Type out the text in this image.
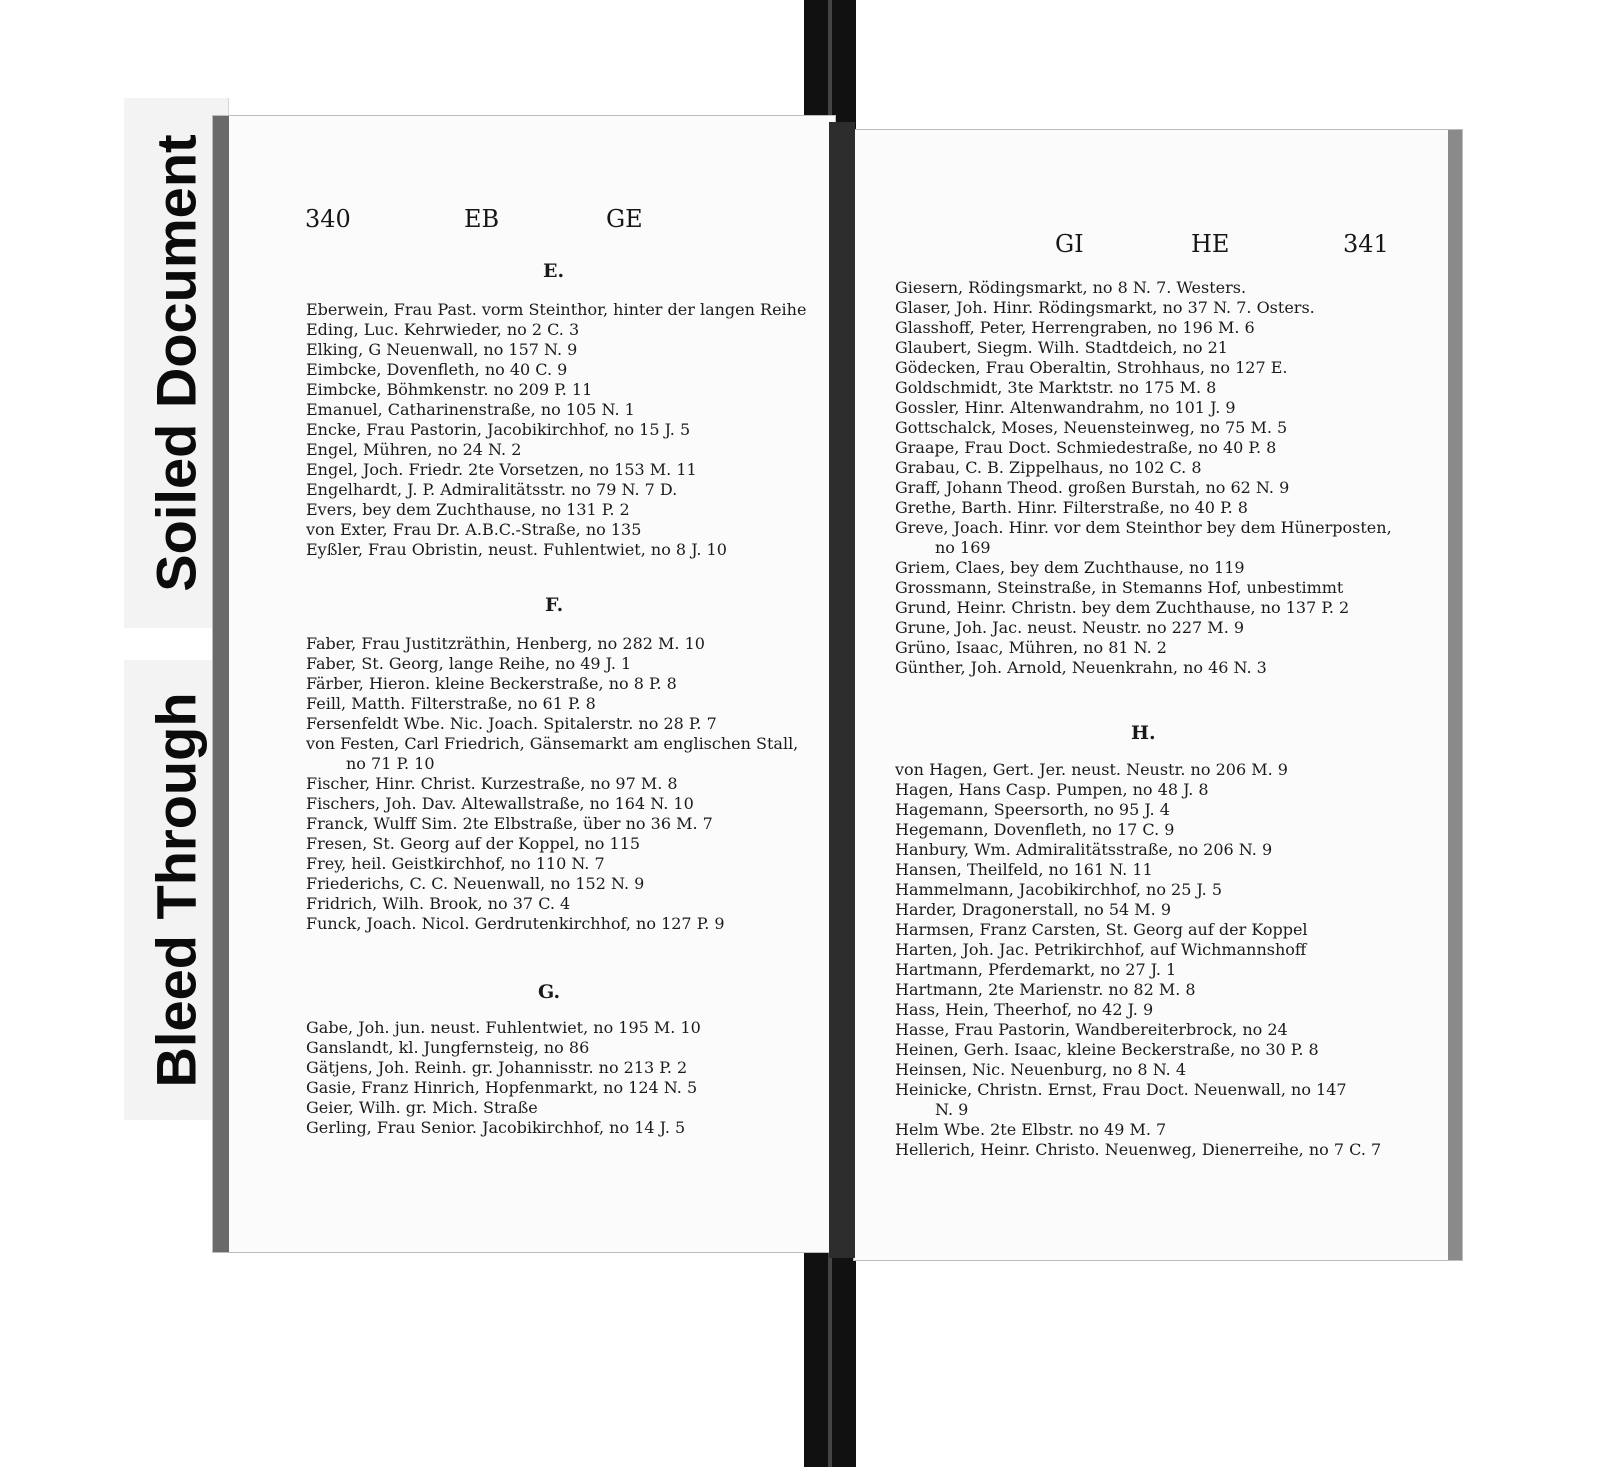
Soiled Document
Bleed Through
340	EB	GE
E.
Eberwein, Frau Past. vorm Steinthor, hinter der langen Reihe
Eding, Luc. Kehrwieder, no 2 C. 3
Elking, G Neuenwall, no 157 N. 9
Eimbcke, Dovenfleth, no 40 C. 9
Eimbcke, Böhmkenstr. no 209 P. 11
Emanuel, Catharinenstraße, no 105 N. 1
Encke, Frau Pastorin, Jacobikirchhof, no 15 J. 5
Engel, Mühren, no 24 N. 2
Engel, Joch. Friedr. 2te Vorsetzen, no 153 M. 11
Engelhardt, J. P. Admiralitätsstr. no 79 N. 7 D.
Evers, bey dem Zuchthause, no 131 P. 2
von Exter, Frau Dr. A.B.C.-Straße, no 135
Eyßler, Frau Obristin, neust. Fuhlentwiet, no 8 J. 10
F.
Faber, Frau Justitzräthin, Henberg, no 282 M. 10
Faber, St. Georg, lange Reihe, no 49 J. 1
Färber, Hieron. kleine Beckerstraße, no 8 P. 8
Feill, Matth. Filterstraße, no 61 P. 8
Fersenfeldt Wbe. Nic. Joach. Spitalerstr. no 28 P. 7
von Festen, Carl Friedrich, Gänsemarkt am englischen Stall,
no 71 P. 10
Fischer, Hinr. Christ. Kurzestraße, no 97 M. 8
Fischers, Joh. Dav. Altewallstraße, no 164 N. 10
Franck, Wulff Sim. 2te Elbstraße, über no 36 M. 7
Fresen, St. Georg auf der Koppel, no 115
Frey, heil. Geistkirchhof, no 110 N. 7
Friederichs, C. C. Neuenwall, no 152 N. 9
Fridrich, Wilh. Brook, no 37 C. 4
Funck, Joach. Nicol. Gerdrutenkirchhof, no 127 P. 9
G.
Gabe, Joh. jun. neust. Fuhlentwiet, no 195 M. 10
Ganslandt, kl. Jungfernsteig, no 86
Gätjens, Joh. Reinh. gr. Johannisstr. no 213 P. 2
Gasie, Franz Hinrich, Hopfenmarkt, no 124 N. 5
Geier, Wilh. gr. Mich. Straße
Gerling, Frau Senior. Jacobikirchhof, no 14 J. 5
GI	HE	341
Giesern, Rödingsmarkt, no 8 N. 7. Westers.
Glaser, Joh. Hinr. Rödingsmarkt, no 37 N. 7. Osters.
Glasshoff, Peter, Herrengraben, no 196 M. 6
Glaubert, Siegm. Wilh. Stadtdeich, no 21
Gödecken, Frau Oberaltin, Strohhaus, no 127 E.
Goldschmidt, 3te Marktstr. no 175 M. 8
Gossler, Hinr. Altenwandrahm, no 101 J. 9
Gottschalck, Moses, Neuensteinweg, no 75 M. 5
Graape, Frau Doct. Schmiedestraße, no 40 P. 8
Grabau, C. B. Zippelhaus, no 102 C. 8
Graff, Johann Theod. großen Burstah, no 62 N. 9
Grethe, Barth. Hinr. Filterstraße, no 40 P. 8
Greve, Joach. Hinr. vor dem Steinthor bey dem Hünerposten,
no 169
Griem, Claes, bey dem Zuchthause, no 119
Grossmann, Steinstraße, in Stemanns Hof, unbestimmt
Grund, Heinr. Christn. bey dem Zuchthause, no 137 P. 2
Grune, Joh. Jac. neust. Neustr. no 227 M. 9
Grüno, Isaac, Mühren, no 81 N. 2
Günther, Joh. Arnold, Neuenkrahn, no 46 N. 3
H.
von Hagen, Gert. Jer. neust. Neustr. no 206 M. 9
Hagen, Hans Casp. Pumpen, no 48 J. 8
Hagemann, Speersorth, no 95 J. 4
Hegemann, Dovenfleth, no 17 C. 9
Hanbury, Wm. Admiralitätsstraße, no 206 N. 9
Hansen, Theilfeld, no 161 N. 11
Hammelmann, Jacobikirchhof, no 25 J. 5
Harder, Dragonerstall, no 54 M. 9
Harmsen, Franz Carsten, St. Georg auf der Koppel
Harten, Joh. Jac. Petrikirchhof, auf Wichmannshoff
Hartmann, Pferdemarkt, no 27 J. 1
Hartmann, 2te Marienstr. no 82 M. 8
Hass, Hein, Theerhof, no 42 J. 9
Hasse, Frau Pastorin, Wandbereiterbrock, no 24
Heinen, Gerh. Isaac, kleine Beckerstraße, no 30 P. 8
Heinsen, Nic. Neuenburg, no 8 N. 4
Heinicke, Christn. Ernst, Frau Doct. Neuenwall, no 147
N. 9
Helm Wbe. 2te Elbstr. no 49 M. 7
Hellerich, Heinr. Christo. Neuenweg, Dienerreihe, no 7 C. 7
